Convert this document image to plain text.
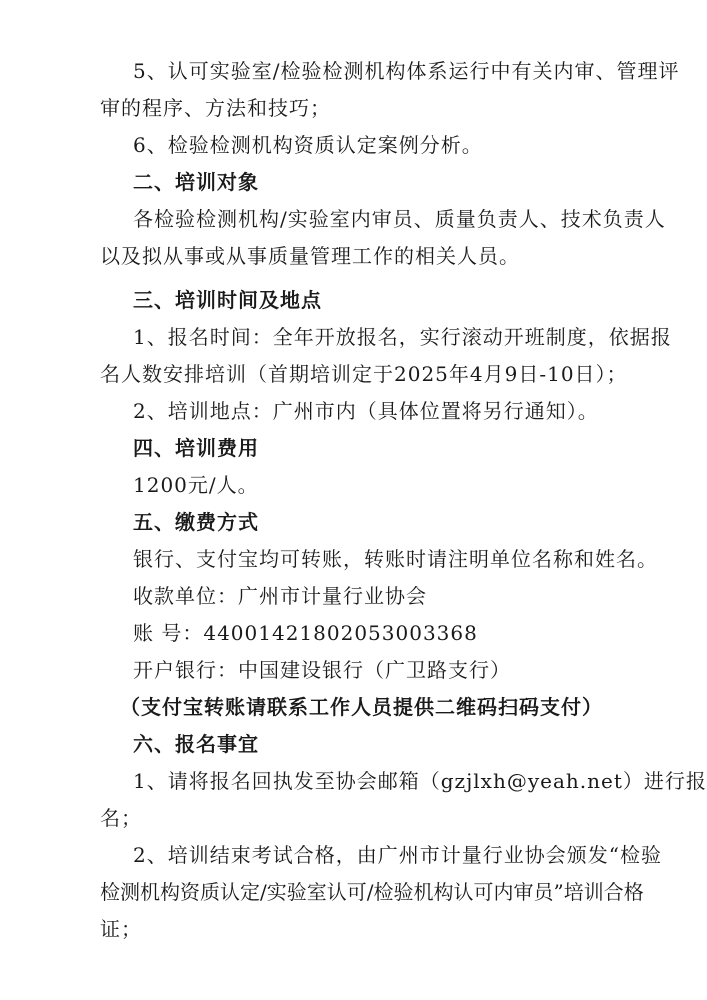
5、认可实验室/检验检测机构体系运行中有关内审、管理评
审的程序、方法和技巧；
6、检验检测机构资质认定案例分析。
二、培训对象
各检验检测机构/实验室内审员、质量负责人、技术负责人
以及拟从事或从事质量管理工作的相关人员。
三、培训时间及地点
1、报名时间：全年开放报名，实行滚动开班制度，依据报
名人数安排培训（首期培训定于2025年4月9日-10日）；
2、培训地点：广州市内（具体位置将另行通知）。
四、培训费用
1200元/人。
五、缴费方式
银行、支付宝均可转账，转账时请注明单位名称和姓名。
收款单位：广州市计量行业协会
账 号：44001421802053003368
开户银行：中国建设银行（广卫路支行）
（支付宝转账请联系工作人员提供二维码扫码支付）
六、报名事宜
1、请将报名回执发至协会邮箱（gzjlxh@yeah.net）进行报
名；
2、培训结束考试合格，由广州市计量行业协会颁发“检验
检测机构资质认定/实验室认可/检验机构认可内审员”培训合格
证；
